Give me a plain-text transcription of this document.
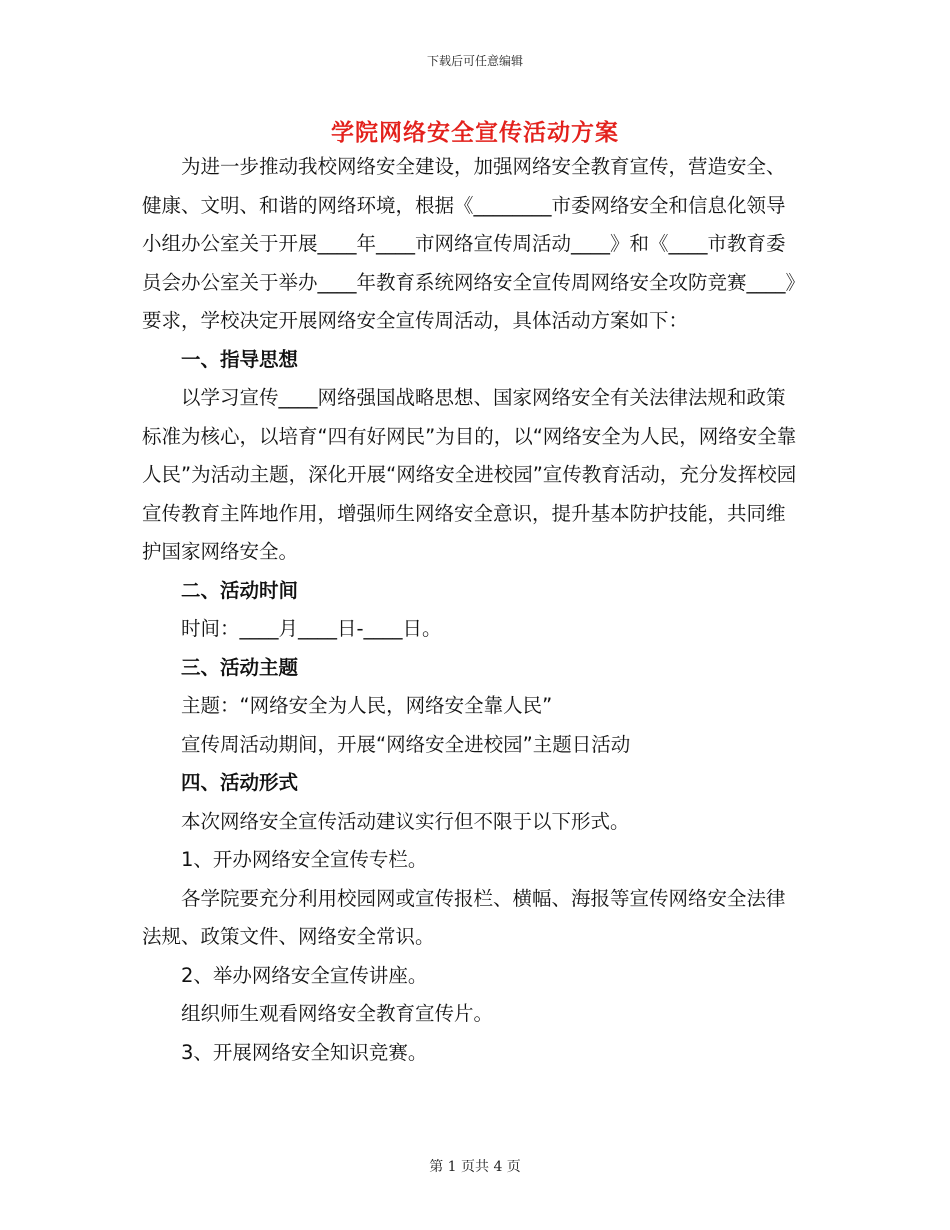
下载后可任意编辑
学院网络安全宣传活动方案

为进一步推动我校网络安全建设，加强网络安全教育宣传，营造安全、健康、文明、和谐的网络环境，根据《________市委网络安全和信息化领导小组办公室关于开展____年____市网络宣传周活动____》和《____市教育委员会办公室关于举办____年教育系统网络安全宣传周网络安全攻防竞赛____》要求，学校决定开展网络安全宣传周活动，具体活动方案如下：

一、指导思想

以学习宣传____网络强国战略思想、国家网络安全有关法律法规和政策标准为核心，以培育“四有好网民”为目的，以“网络安全为人民，网络安全靠人民”为活动主题，深化开展“网络安全进校园”宣传教育活动，充分发挥校园宣传教育主阵地作用，增强师生网络安全意识，提升基本防护技能，共同维护国家网络安全。

二、活动时间

时间：____月____日-____日。

三、活动主题

主题：“网络安全为人民，网络安全靠人民”

宣传周活动期间，开展“网络安全进校园”主题日活动

四、活动形式

本次网络安全宣传活动建议实行但不限于以下形式。

1、开办网络安全宣传专栏。

各学院要充分利用校园网或宣传报栏、横幅、海报等宣传网络安全法律法规、政策文件、网络安全常识。

2、举办网络安全宣传讲座。

组织师生观看网络安全教育宣传片。

3、开展网络安全知识竞赛。

第 1 页共 4 页
